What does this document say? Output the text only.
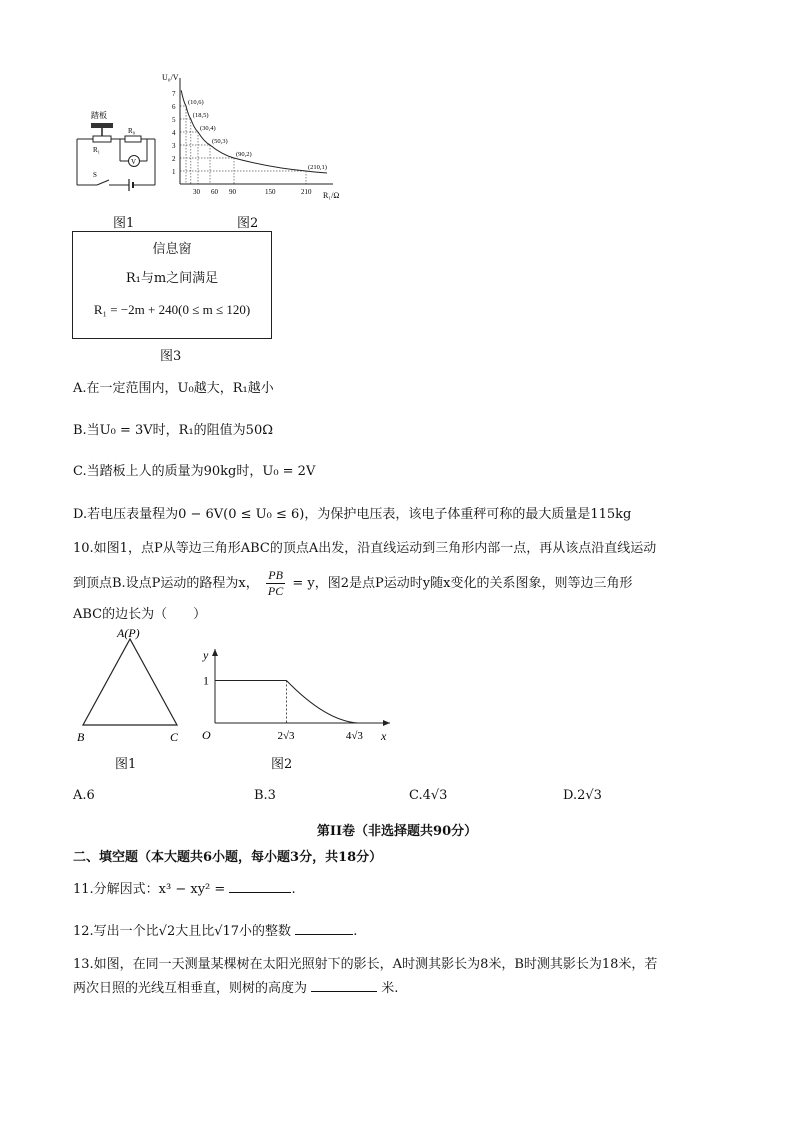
踏板
R₁
R₀
V
S
图1
U₀/V
R₁/Ω
1
2
3
4
5
6
7
30 60 90	150	210
(10,6)
(18,5)
(30,4)
(50,3)
(90,2)
(210,1)
图2
信息窗
R₁与m之间满足
R₁ = −2m + 240(0 ≤ m ≤ 120)
图3
A.在一定范围内，U₀越大，R₁越小
B.当U₀ = 3V时，R₁的阻值为50Ω
C.当踏板上人的质量为90kg时，U₀ = 2V
D.若电压表量程为0 − 6V(0 ≤ U₀ ≤ 6)，为保护电压表，该电子体重秤可称的最大质量是115kg
10.如图1，点P从等边三角形ABC的顶点A出发，沿直线运动到三角形内部一点，再从该点沿直线运动
到顶点B.设点P运动的路程为x， $\frac{PB}{PC} = y$，图2是点P运动时y随x变化的关系图象，则等边三角形
ABC的边长为（　　）
A(P)
B	C
图1
y
x
O
1
2√3	4√3
图2
A.6	B.3	C.4√3	D.2√3
第II卷（非选择题共90分）
二、填空题（本大题共6小题，每小题3分，共18分）
11.分解因式：x³ − xy² =	.
12.写出一个比√2大且比√17小的整数	.
13.如图，在同一天测量某棵树在太阳光照射下的影长，A时测其影长为8米，B时测其影长为18米，若
两次日照的光线互相垂直，则树的高度为	米.
